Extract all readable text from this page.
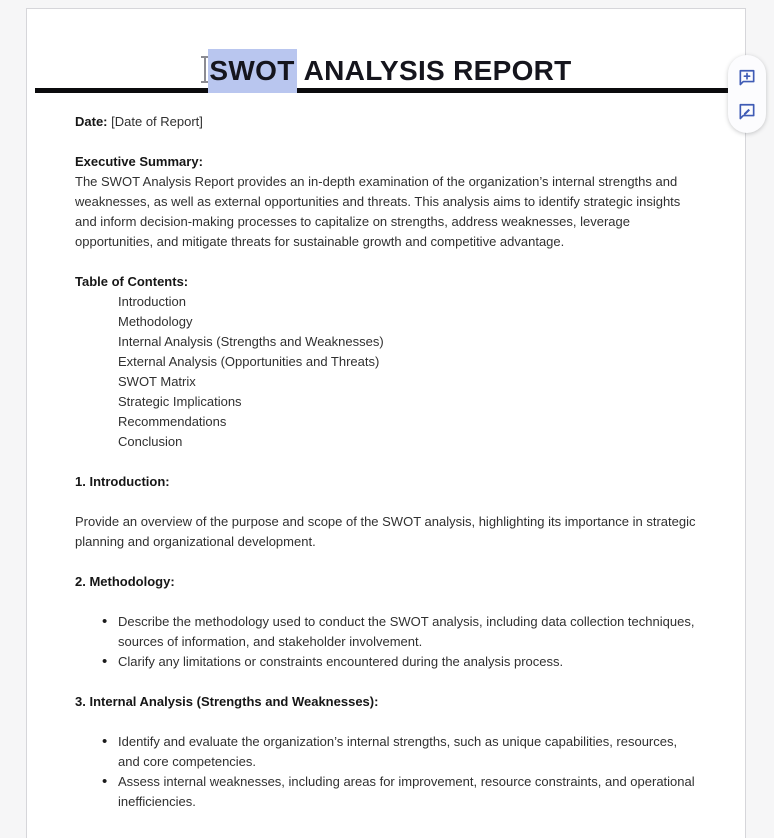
SWOT ANALYSIS REPORT

Date: [Date of Report]

Executive Summary:

The SWOT Analysis Report provides an in-depth examination of the organization’s internal strengths and weaknesses, as well as external opportunities and threats. This analysis aims to identify strategic insights and inform decision-making processes to capitalize on strengths, address weaknesses, leverage opportunities, and mitigate threats for sustainable growth and competitive advantage.

Table of Contents:
Introduction
Methodology
Internal Analysis (Strengths and Weaknesses)
External Analysis (Opportunities and Threats)
SWOT Matrix
Strategic Implications
Recommendations
Conclusion
1. Introduction:

Provide an overview of the purpose and scope of the SWOT analysis, highlighting its importance in strategic planning and organizational development.

2. Methodology:
• Describe the methodology used to conduct the SWOT analysis, including data collection techniques, sources of information, and stakeholder involvement.
• Clarify any limitations or constraints encountered during the analysis process.
3. Internal Analysis (Strengths and Weaknesses):
• Identify and evaluate the organization’s internal strengths, such as unique capabilities, resources, and core competencies.
• Assess internal weaknesses, including areas for improvement, resource constraints, and operational inefficiencies.
